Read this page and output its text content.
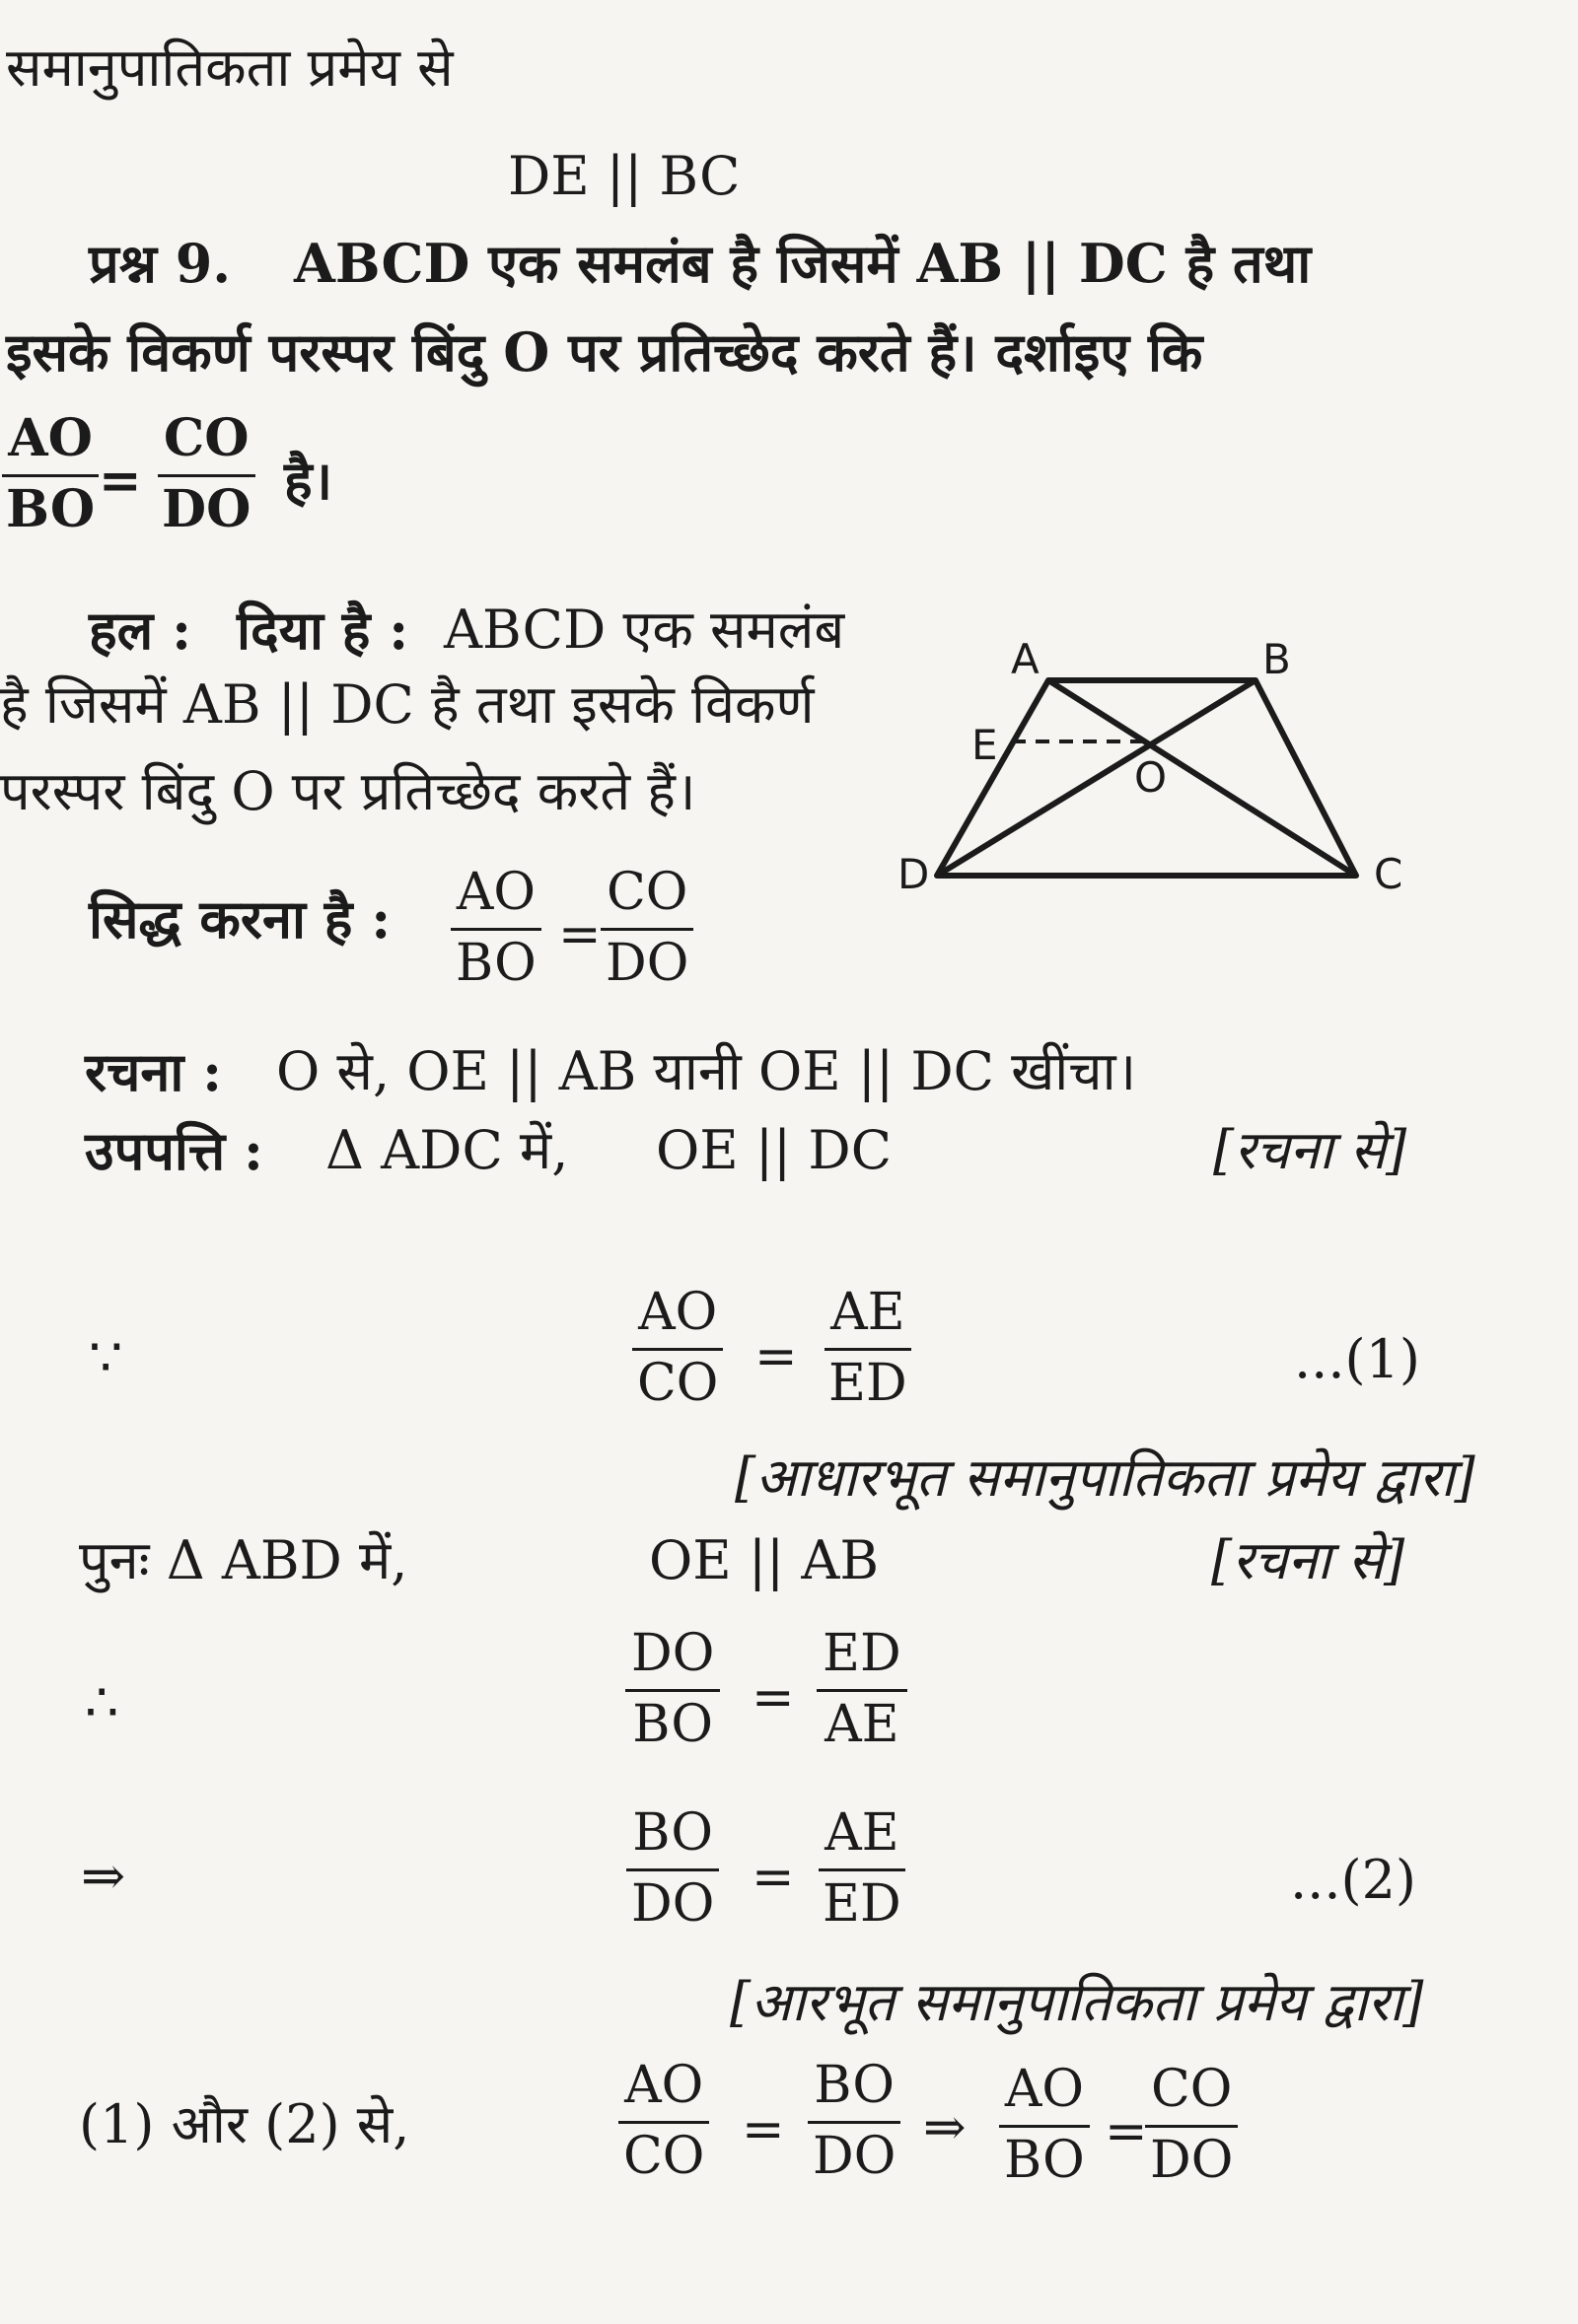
समानुपातिकता प्रमेय से
DE || BC
प्रश्न 9. ABCD एक समलंब है जिसमें AB || DC है तथा
इसके विकर्ण परस्पर बिंदु O पर प्रतिच्छेद करते हैं। दर्शाइए कि
$\frac{AO}{BO}$
= $\frac{CO}{DO}$ है।
हल : दिया है : ABCD एक समलंब
है जिसमें AB || DC है तथा इसके विकर्ण
परस्पर बिंदु O पर प्रतिच्छेद करते हैं।
सिद्ध करना है : $\frac{AO}{BO}$ =
$\frac{CO}{DO}$
A	B
E
O
D	C
रचना : O से, OE || AB यानी OE || DC खींचा।
उपपत्ति : Δ ADC में, OE || DC	[रचना से]
∵	$\frac{AO}{CO} = \frac{AE}{ED}$	...(1)
[आधारभूत समानुपातिकता प्रमेय द्वारा]
पुनः Δ ABD में,	OE || AB	[रचना से]
∴	$\frac{DO}{BO} = \frac{ED}{AE}$
⇒	$\frac{BO}{DO} = \frac{AE}{ED}$	...(2)
[आरभूत समानुपातिकता प्रमेय द्वारा]
(1) और (2) से,	$\frac{AO}{CO} = \frac{BO}{DO}$ ⇒ $\frac{AO}{BO}$ =
$\frac{CO}{DO}$
